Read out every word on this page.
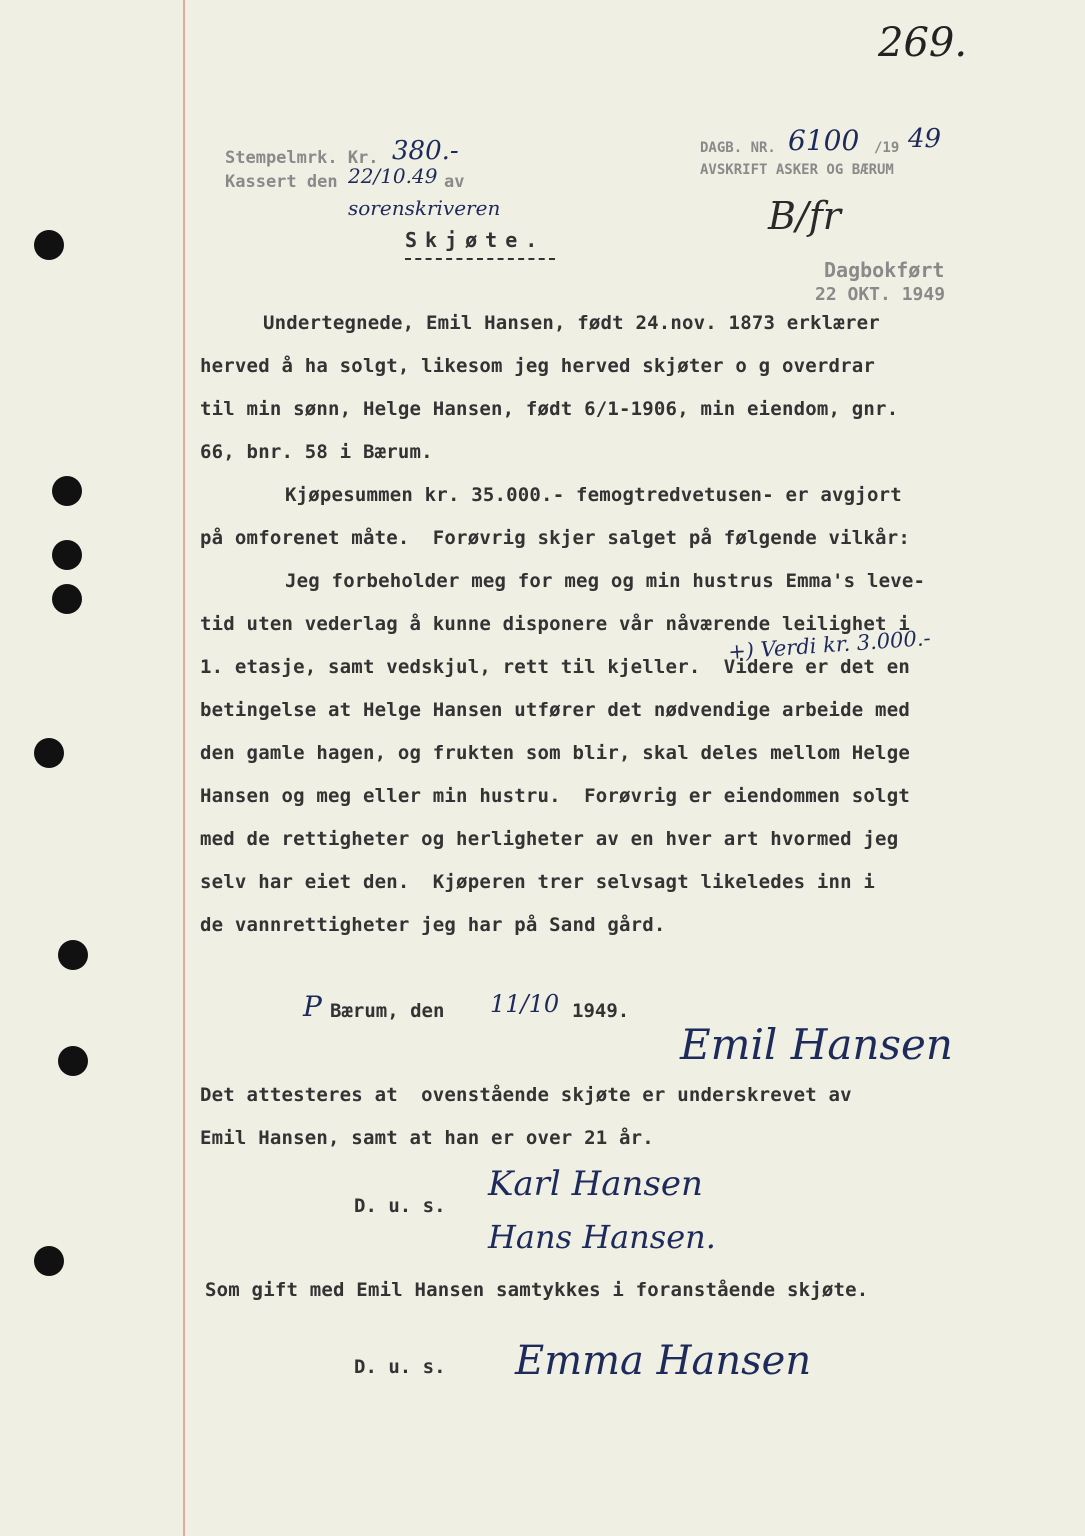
269.
Stempelmrk. Kr. 380.-
Kassert den 22/10.49 av
sorenskriveren
DAGB. NR. 6100 /19 49
AVSKRIFT ASKER OG BÆRUM
B/fr
Dagbokført
22 OKT. 1949
Skjøte.
Undertegnede, Emil Hansen, født 24.nov. 1873 erklærer
herved å ha solgt, likesom jeg herved skjøter o g overdrar
til min sønn, Helge Hansen, født 6/1-1906, min eiendom, gnr.
66, bnr. 58 i Bærum.
Kjøpesummen kr. 35.000.- femogtredvetusen- er avgjort
på omforenet måte.  Forøvrig skjer salget på følgende vilkår:
Jeg forbeholder meg for meg og min hustrus Emma's leve-
tid uten vederlag å kunne disponere vår nåværende leilighet i
1. etasje, samt vedskjul, rett til kjeller.  Videre er det en
betingelse at Helge Hansen utfører det nødvendige arbeide med
den gamle hagen, og frukten som blir, skal deles mellom Helge
Hansen og meg eller min hustru.  Forøvrig er eiendommen solgt
med de rettigheter og herligheter av en hver art hvormed jeg
selv har eiet den.  Kjøperen trer selvsagt likeledes inn i
de vannrettigheter jeg har på Sand gård.
+) Verdi kr. 3.000.-
P Bærum, den 11/10 1949.
Emil Hansen
Det attesteres at  ovenstående skjøte er underskrevet av
Emil Hansen, samt at han er over 21 år.
D. u. s.
Karl Hansen
Hans Hansen.
Som gift med Emil Hansen samtykkes i foranstående skjøte.
D. u. s. Emma Hansen
